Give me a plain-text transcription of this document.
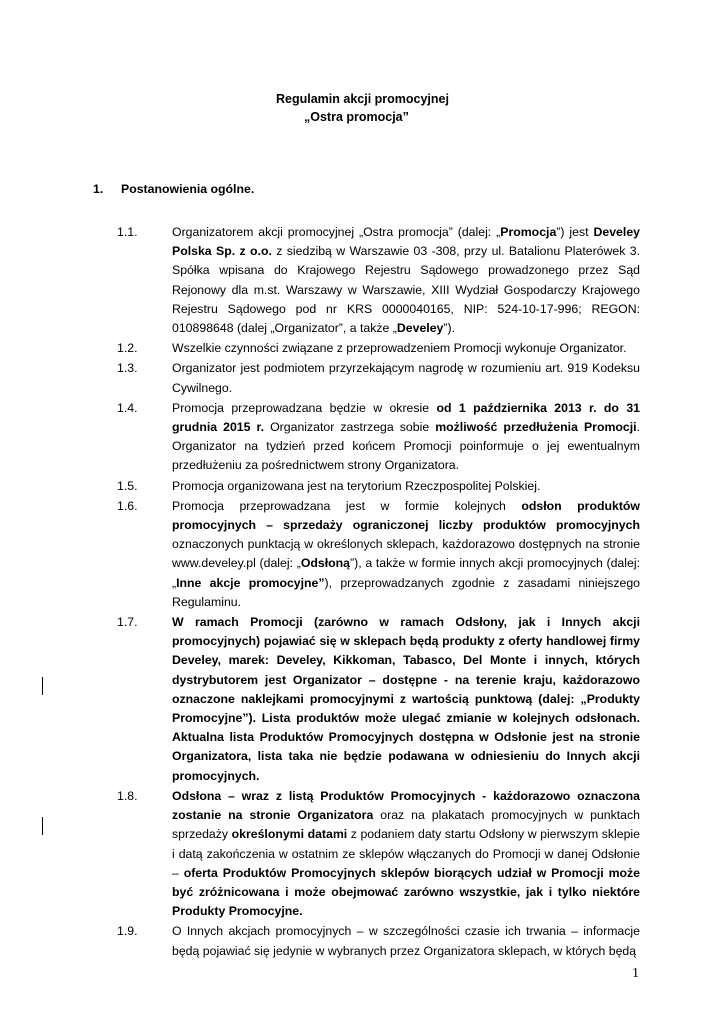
Regulamin akcji promocyjnej
„Ostra promocja”
1. Postanowienia ogólne.
1.1.	Organizatorem akcji promocyjnej „Ostra promocja” (dalej: „Promocja”) jest Develey Polska Sp. z o.o. z siedzibą w Warszawie 03 -308, przy ul. Batalionu Platerówek 3. Spółka wpisana do Krajowego Rejestru Sądowego prowadzonego przez Sąd Rejonowy dla m.st. Warszawy w Warszawie, XIII Wydział Gospodarczy Krajowego Rejestru Sądowego pod nr KRS 0000040165, NIP: 524-10-17-996; REGON: 010898648 (dalej „Organizator”, a także „Develey”).
1.2.	Wszelkie czynności związane z przeprowadzeniem Promocji wykonuje Organizator.
1.3.	Organizator jest podmiotem przyrzekającym nagrodę w rozumieniu art. 919 Kodeksu Cywilnego.
1.4.	Promocja przeprowadzana będzie w okresie od 1 października 2013 r. do 31 grudnia 2015 r. Organizator zastrzega sobie możliwość przedłużenia Promocji. Organizator na tydzień przed końcem Promocji poinformuje o jej ewentualnym przedłużeniu za pośrednictwem strony Organizatora.
1.5.	Promocja organizowana jest na terytorium Rzeczpospolitej Polskiej.
1.6.	Promocja przeprowadzana jest w formie kolejnych odsłon produktów promocyjnych – sprzedaży ograniczonej liczby produktów promocyjnych oznaczonych punktacją w określonych sklepach, każdorazowo dostępnych na stronie www.develey.pl (dalej: „Odsłoną”), a także w formie innych akcji promocyjnych (dalej: „Inne akcje promocyjne”), przeprowadzanych zgodnie z zasadami niniejszego Regulaminu.
1.7.	W ramach Promocji (zarówno w ramach Odsłony, jak i Innych akcji promocyjnych) pojawiać się w sklepach będą produkty z oferty handlowej firmy Develey, marek: Develey, Kikkoman, Tabasco, Del Monte i innych, których dystrybutorem jest Organizator – dostępne - na terenie kraju, każdorazowo oznaczone naklejkami promocyjnymi z wartością punktową (dalej: „Produkty Promocyjne”). Lista produktów może ulegać zmianie w kolejnych odsłonach. Aktualna lista Produktów Promocyjnych dostępna w Odsłonie jest na stronie Organizatora, lista taka nie będzie podawana w odniesieniu do Innych akcji promocyjnych.
1.8.	Odsłona – wraz z listą Produktów Promocyjnych - każdorazowo oznaczona zostanie na stronie Organizatora oraz na plakatach promocyjnych w punktach sprzedaży określonymi datami z podaniem daty startu Odsłony w pierwszym sklepie i datą zakończenia w ostatnim ze sklepów włączanych do Promocji w danej Odsłonie – oferta Produktów Promocyjnych sklepów biorących udział w Promocji może być zróżnicowana i może obejmować zarówno wszystkie, jak i tylko niektóre Produkty Promocyjne.
1.9.	O Innych akcjach promocyjnych – w szczególności czasie ich trwania – informacje będą pojawiać się jedynie w wybranych przez Organizatora sklepach, w których będą
1
